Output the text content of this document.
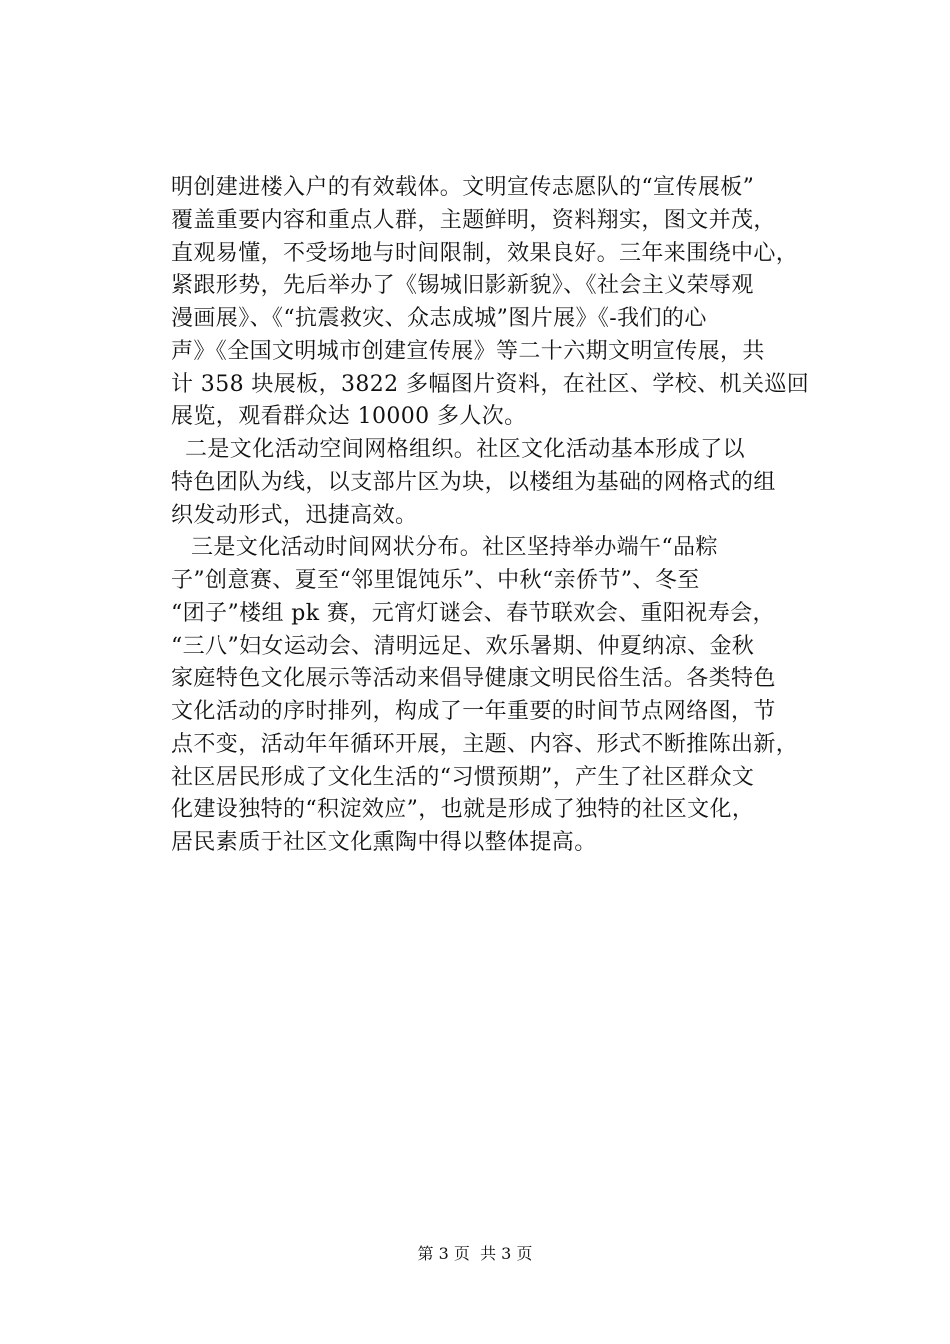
明创建进楼入户的有效载体。文明宣传志愿队的“宣传展板”
覆盖重要内容和重点人群，主题鲜明，资料翔实，图文并茂，
直观易懂，不受场地与时间限制，效果良好。三年来围绕中心，
紧跟形势，先后举办了《锡城旧影新貌》、《社会主义荣辱观
漫画展》、《“抗震救灾、众志成城”图片展》《-我们的心
声》《全国文明城市创建宣传展》等二十六期文明宣传展，共
计 358 块展板，3822 多幅图片资料，在社区、学校、机关巡回
展览，观看群众达 10000 多人次。
二是文化活动空间网格组织。社区文化活动基本形成了以
特色团队为线，以支部片区为块，以楼组为基础的网格式的组
织发动形式，迅捷高效。
三是文化活动时间网状分布。社区坚持举办端午“品粽
子”创意赛、夏至“邻里馄饨乐”、中秋“亲侨节”、冬至
“团子”楼组 pk 赛，元宵灯谜会、春节联欢会、重阳祝寿会，
“三八”妇女运动会、清明远足、欢乐暑期、仲夏纳凉、金秋
家庭特色文化展示等活动来倡导健康文明民俗生活。各类特色
文化活动的序时排列，构成了一年重要的时间节点网络图，节
点不变，活动年年循环开展，主题、内容、形式不断推陈出新，
社区居民形成了文化生活的“习惯预期”，产生了社区群众文
化建设独特的“积淀效应”，也就是形成了独特的社区文化，
居民素质于社区文化熏陶中得以整体提高。
第 3 页  共 3 页
